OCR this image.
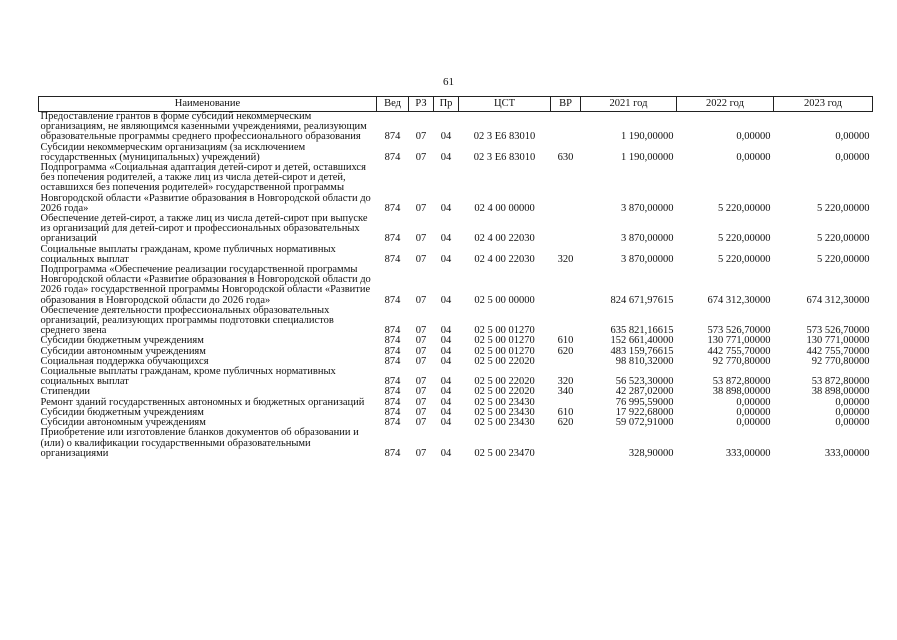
61
Наименование	Вед	РЗ	Пр	ЦСТ	ВР	2021 год	2022 год	2023 год
Предоставление грантов в форме субсидий некоммерческим организациям, не являющимся казенными учреждениями, реализующим образовательные программы среднего профессионального образования	874	07	04	02 3 E6 83010		1 190,00000	0,00000	0,00000
Субсидии некоммерческим организациям (за исключением государственных (муниципальных) учреждений)	874	07	04	02 3 E6 83010	630	1 190,00000	0,00000	0,00000
Подпрограмма «Социальная адаптация детей-сирот и детей, оставшихся без попечения родителей, а также лиц из числа детей-сирот и детей, оставшихся без попечения родителей» государственной программы Новгородской области «Развитие образования в Новгородской области до 2026 года»	874	07	04	02 4 00 00000		3 870,00000	5 220,00000	5 220,00000
Обеспечение детей-сирот, а также лиц из числа детей-сирот при выпуске из организаций для детей-сирот и профессиональных образовательных организаций	874	07	04	02 4 00 22030		3 870,00000	5 220,00000	5 220,00000
Социальные выплаты гражданам, кроме публичных нормативных социальных выплат	874	07	04	02 4 00 22030	320	3 870,00000	5 220,00000	5 220,00000
Подпрограмма «Обеспечение реализации государственной программы Новгородской области «Развитие образования в Новгородской области до 2026 года» государственной программы Новгородской области «Развитие образования в Новгородской области до 2026 года»	874	07	04	02 5 00 00000		824 671,97615	674 312,30000	674 312,30000
Обеспечение деятельности профессиональных образовательных организаций, реализующих программы подготовки специалистов среднего звена	874	07	04	02 5 00 01270		635 821,16615	573 526,70000	573 526,70000
Субсидии бюджетным учреждениям	874	07	04	02 5 00 01270	610	152 661,40000	130 771,00000	130 771,00000
Субсидии автономным учреждениям	874	07	04	02 5 00 01270	620	483 159,76615	442 755,70000	442 755,70000
Социальная поддержка обучающихся	874	07	04	02 5 00 22020		98 810,32000	92 770,80000	92 770,80000
Социальные выплаты гражданам, кроме публичных нормативных социальных выплат	874	07	04	02 5 00 22020	320	56 523,30000	53 872,80000	53 872,80000
Стипендии	874	07	04	02 5 00 22020	340	42 287,02000	38 898,00000	38 898,00000
Ремонт зданий государственных автономных и бюджетных организаций	874	07	04	02 5 00 23430		76 995,59000	0,00000	0,00000
Субсидии бюджетным учреждениям	874	07	04	02 5 00 23430	610	17 922,68000	0,00000	0,00000
Субсидии автономным учреждениям	874	07	04	02 5 00 23430	620	59 072,91000	0,00000	0,00000
Приобретение или изготовление бланков документов об образовании и (или) о квалификации государственными образовательными организациями	874	07	04	02 5 00 23470		328,90000	333,00000	333,00000
